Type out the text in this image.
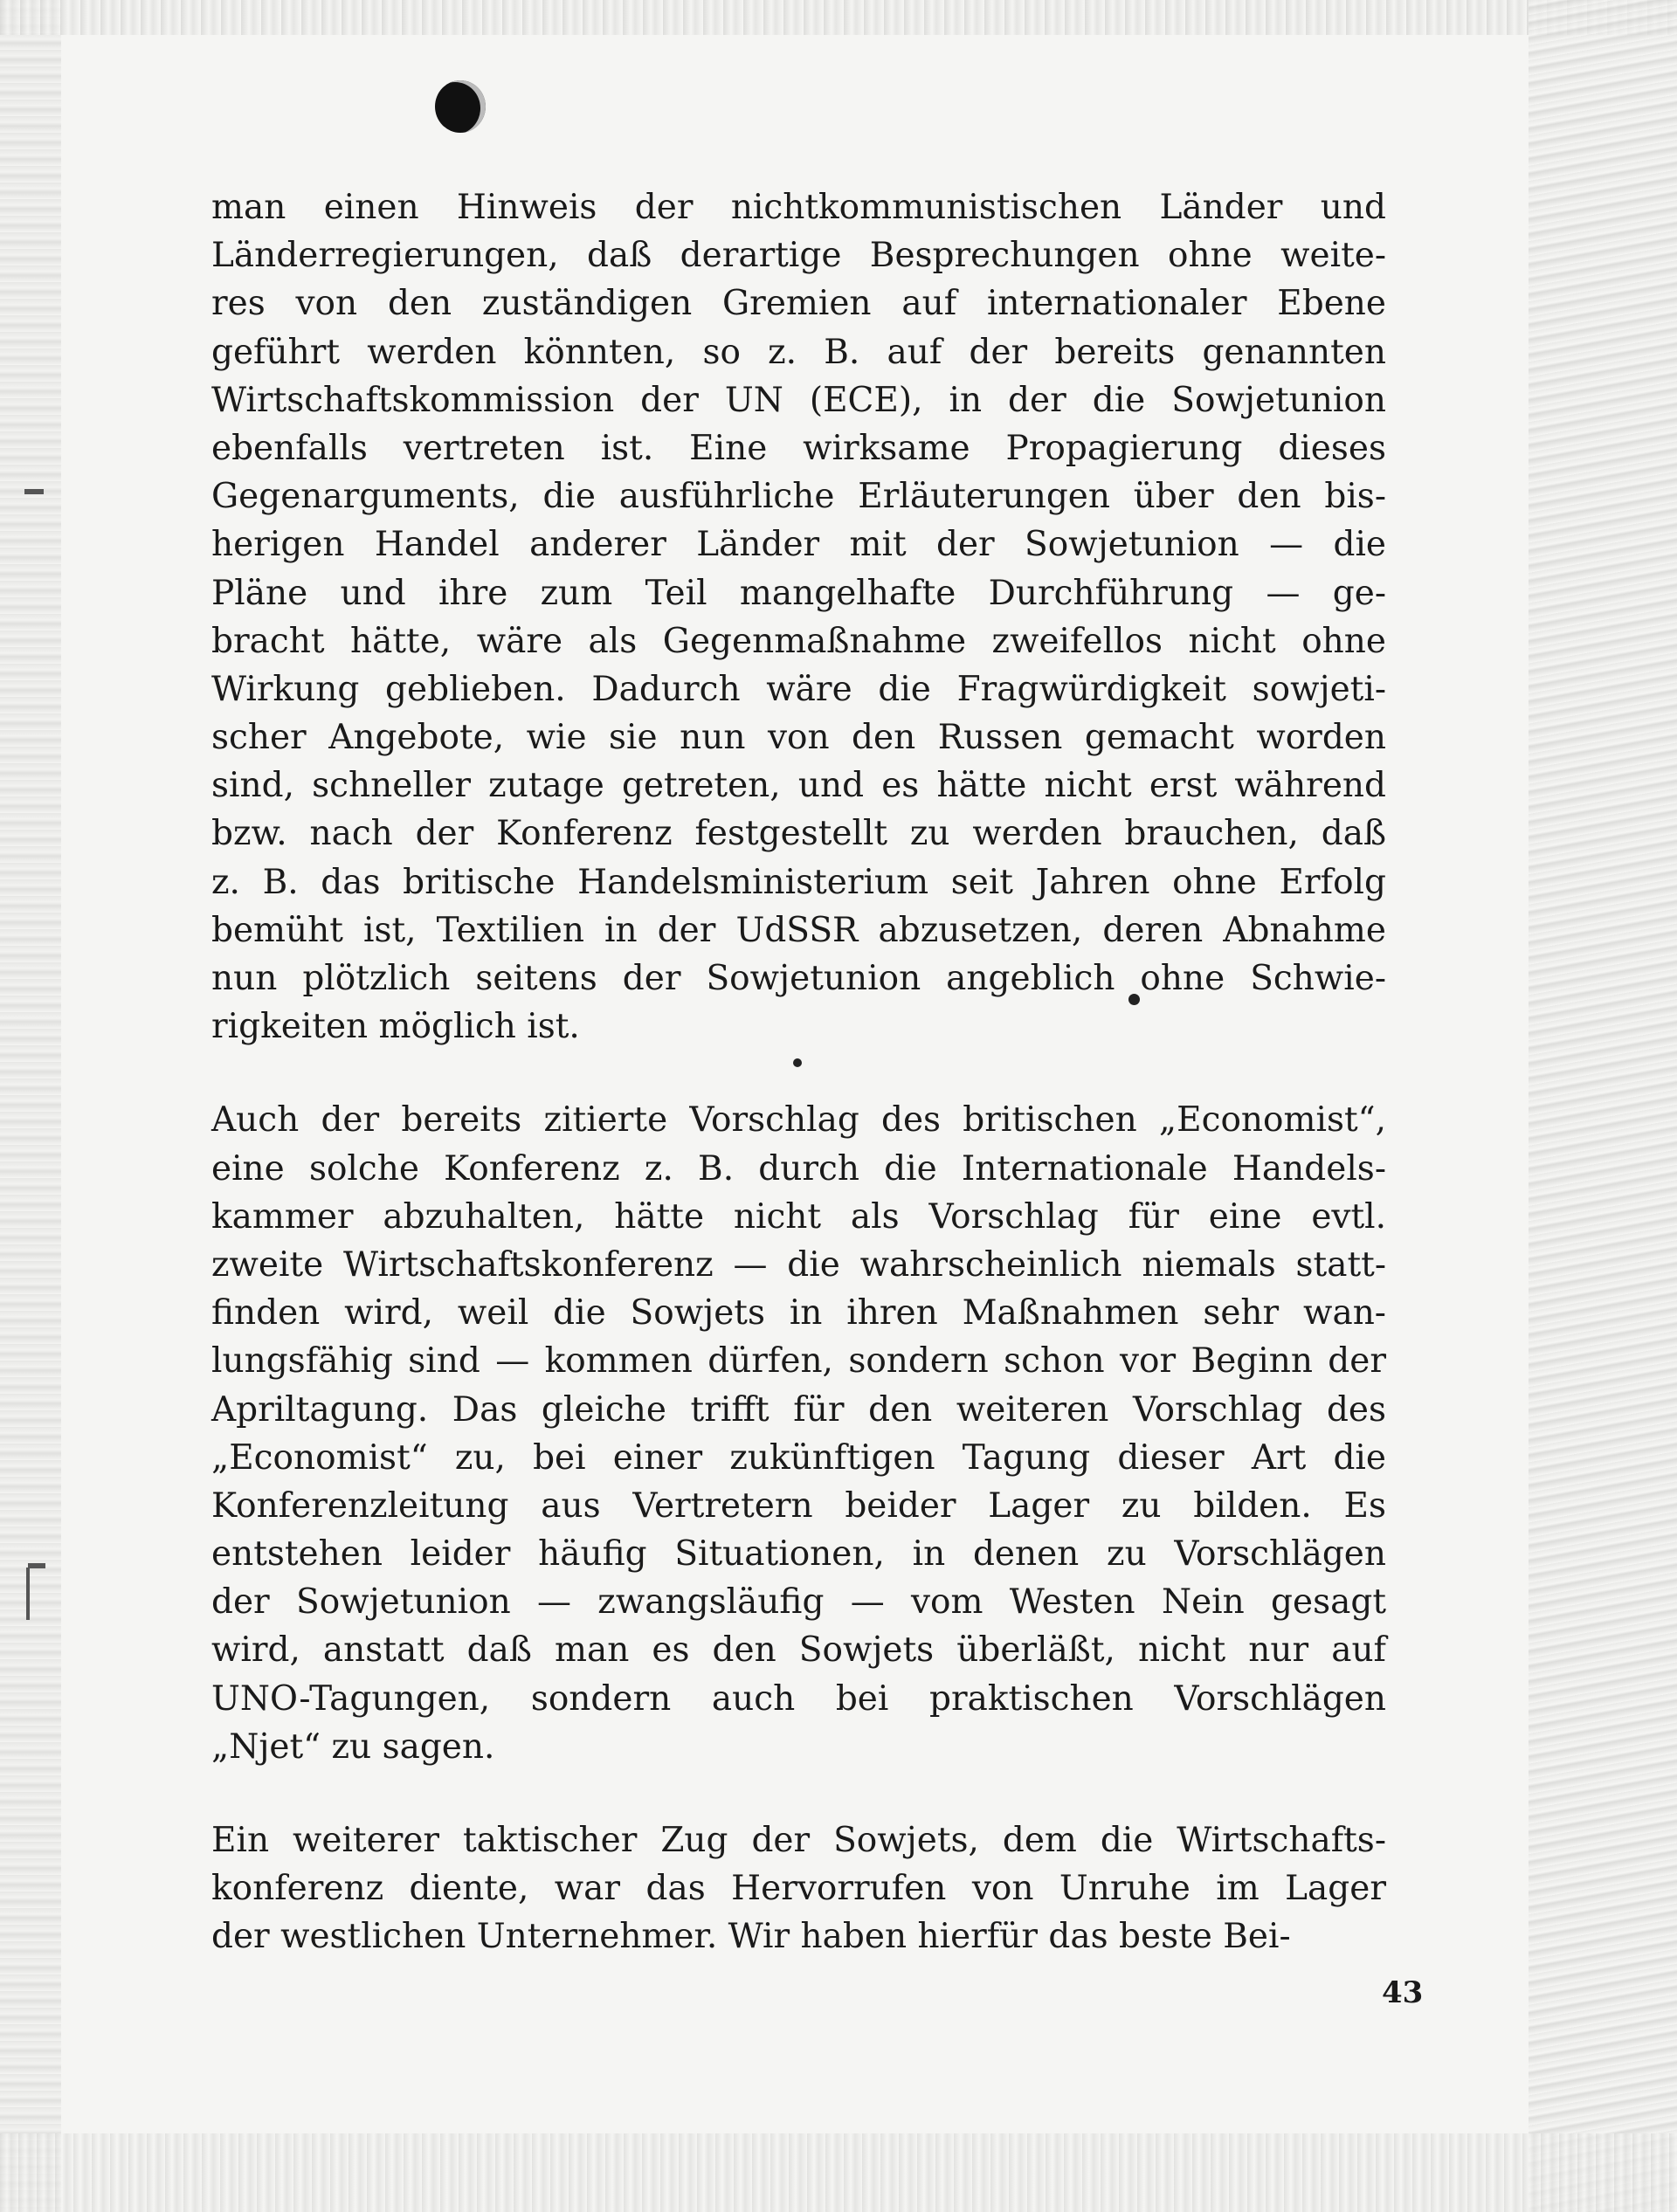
man einen Hinweis der nichtkommunistischen Länder und
Länderregierungen, daß derartige Besprechungen ohne weite-
res von den zuständigen Gremien auf internationaler Ebene
geführt werden könnten, so z. B. auf der bereits genannten
Wirtschaftskommission der UN (ECE), in der die Sowjetunion
ebenfalls vertreten ist. Eine wirksame Propagierung dieses
Gegenarguments, die ausführliche Erläuterungen über den bis-
herigen Handel anderer Länder mit der Sowjetunion — die
Pläne und ihre zum Teil mangelhafte Durchführung — ge-
bracht hätte, wäre als Gegenmaßnahme zweifellos nicht ohne
Wirkung geblieben. Dadurch wäre die Fragwürdigkeit sowjeti-
scher Angebote, wie sie nun von den Russen gemacht worden
sind, schneller zutage getreten, und es hätte nicht erst während
bzw. nach der Konferenz festgestellt zu werden brauchen, daß
z. B. das britische Handelsministerium seit Jahren ohne Erfolg
bemüht ist, Textilien in der UdSSR abzusetzen, deren Abnahme
nun plötzlich seitens der Sowjetunion angeblich ohne Schwie-
rigkeiten möglich ist.
Auch der bereits zitierte Vorschlag des britischen „Economist“,
eine solche Konferenz z. B. durch die Internationale Handels-
kammer abzuhalten, hätte nicht als Vorschlag für eine evtl.
zweite Wirtschaftskonferenz — die wahrscheinlich niemals statt-
finden wird, weil die Sowjets in ihren Maßnahmen sehr wan-
lungsfähig sind — kommen dürfen, sondern schon vor Beginn der
Apriltagung. Das gleiche trifft für den weiteren Vorschlag des
„Economist“ zu, bei einer zukünftigen Tagung dieser Art die
Konferenzleitung aus Vertretern beider Lager zu bilden. Es
entstehen leider häufig Situationen, in denen zu Vorschlägen
der Sowjetunion — zwangsläufig — vom Westen Nein gesagt
wird, anstatt daß man es den Sowjets überläßt, nicht nur auf
UNO-Tagungen, sondern auch bei praktischen Vorschlägen
„Njet“ zu sagen.
Ein weiterer taktischer Zug der Sowjets, dem die Wirtschafts-
konferenz diente, war das Hervorrufen von Unruhe im Lager
der westlichen Unternehmer. Wir haben hierfür das beste Bei-
43
